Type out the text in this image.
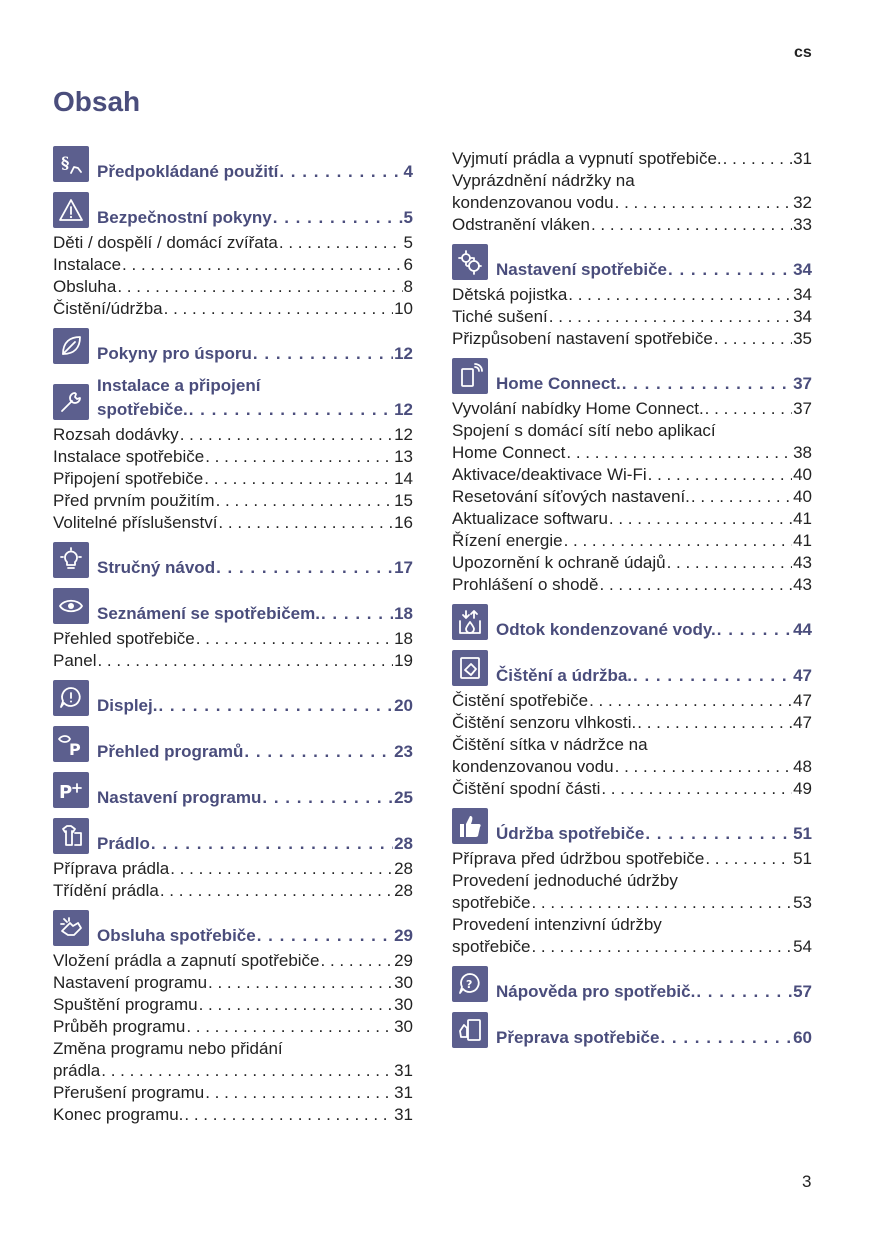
cs
Obsah
§ Předpokládané použití . . .	4
Bezpečnostní pokyny . . .	5
Děti / dospělí / domácí zvířata . . .	5
Instalace . . .	6
Obsluha . . .	8
Čistění/údržba . . .	10
Pokyny pro úsporu . . .	12
Instalace a připojení
spotřebiče. . . .	12
Rozsah dodávky . . .	12
Instalace spotřebiče . . .	13
Připojení spotřebiče . . .	14
Před prvním použitím . . .	15
Volitelné příslušenství . . .	16
Stručný návod . . .	17
Seznámení se spotřebičem. . . .	18
Přehled spotřebiče . . .	18
Panel . . .	19
Displej. . . .	20
P Přehled programů . . .	23
P Nastavení programu . . .	25
Prádlo . . .	28
Příprava prádla . . .	28
Třídění prádla . . .	28
Obsluha spotřebiče . . .	29
Vložení prádla a zapnutí spotřebiče . . .	29
Nastavení programu . . .	30
Spuštění programu . . .	30
Průběh programu . . .	30
Změna programu nebo přidání
prádla . . .	31
Přerušení programu . . .	31
Konec programu. . . .	31
Vyjmutí prádla a vypnutí spotřebiče. . . .	31
Vyprázdnění nádržky na
kondenzovanou vodu . . .	32
Odstranění vláken . . .	33
Nastavení spotřebiče . . .	34
Dětská pojistka . . .	34
Tiché sušení . . .	34
Přizpůsobení nastavení spotřebiče . . .	35
Home Connect. . . .	37
Vyvolání nabídky Home Connect. . . .	37
Spojení s domácí sítí nebo aplikací
Home Connect . . .	38
Aktivace/deaktivace Wi-Fi . . .	40
Resetování síťových nastavení. . . .	40
Aktualizace softwaru . . .	41
Řízení energie . . .	41
Upozornění k ochraně údajů . . .	43
Prohlášení o shodě . . .	43
Odtok kondenzované vody. . . .	44
Čištění a údržba. . . .	47
Čistění spotřebiče . . .	47
Čištění senzoru vlhkosti. . . .	47
Čištění sítka v nádržce na
kondenzovanou vodu . . .	48
Čištění spodní části . . .	49
Údržba spotřebiče . . .	51
Příprava před údržbou spotřebiče . . .	51
Provedení jednoduché údržby
spotřebiče . . .	53
Provedení intenzivní údržby
spotřebiče . . .	54
? Nápověda pro spotřebič. . . .	57
Přeprava spotřebiče . . .	60
3
